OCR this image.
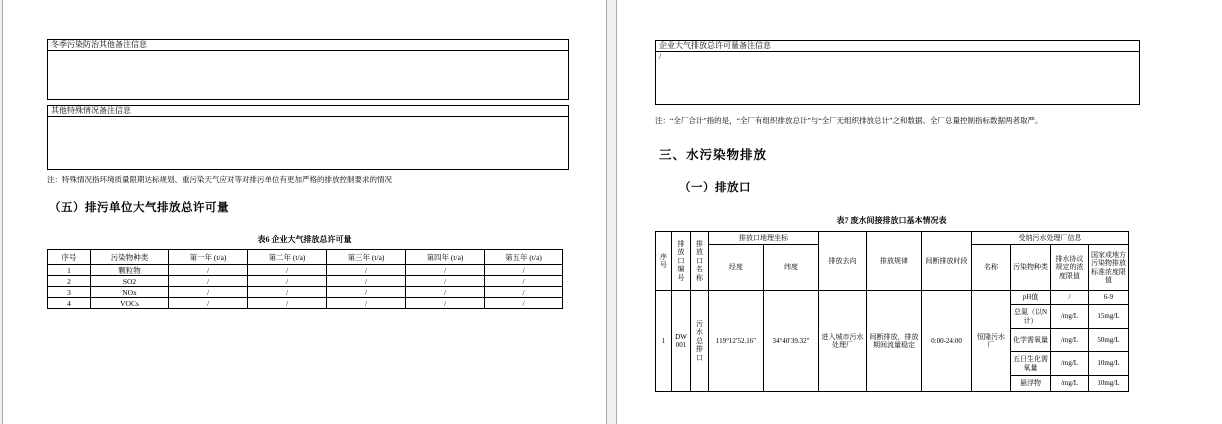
冬季污染防治其他备注信息
其他特殊情况备注信息
注：特殊情况指环境质量限期达标规划、重污染天气应对等对排污单位有更加严格的排放控制要求的情况
（五）排污单位大气排放总许可量
表6 企业大气排放总许可量
序号	污染物种类	第一年 (t/a)	第二年 (t/a)	第三年 (t/a)	第四年 (t/a)	第五年 (t/a)
1	颗粒物	/	/	/	/	/
2	SO2	/	/	/	/	/
3	NOx	/	/	/	/	/
4	VOCs	/	/	/	/	/
企业大气排放总许可量备注信息
/
注：“全厂合计”指的是，“全厂有组织排放总计”与“全厂无组织排放总计”之和数据、全厂总量控制指标数据两者取严。
三、水污染物排放
（一）排放口
表7 废水间接排放口基本情况表
序号	排放口编号	排放口名称	排放口地理坐标		排放去向	排放规律	间断排放时段	受纳污水处理厂信息			
			经度	纬度				名称	污染物种类	排水协议规定的浓度限值	国家或地方污染物排放标准浓度限值
1	DW001	污水总排口	119°12′52.16″	34°40′39.32″	进入城市污水处理厂	间断排放，排放期间流量稳定	0:00-24:00	恒隆污水厂	pH值	/	6-9
									总氮（以N计）	/mg/L	15mg/L
									化学需氧量	/mg/L	50mg/L
									五日生化需氧量	/mg/L	10mg/L
									悬浮物	/mg/L	10mg/L
